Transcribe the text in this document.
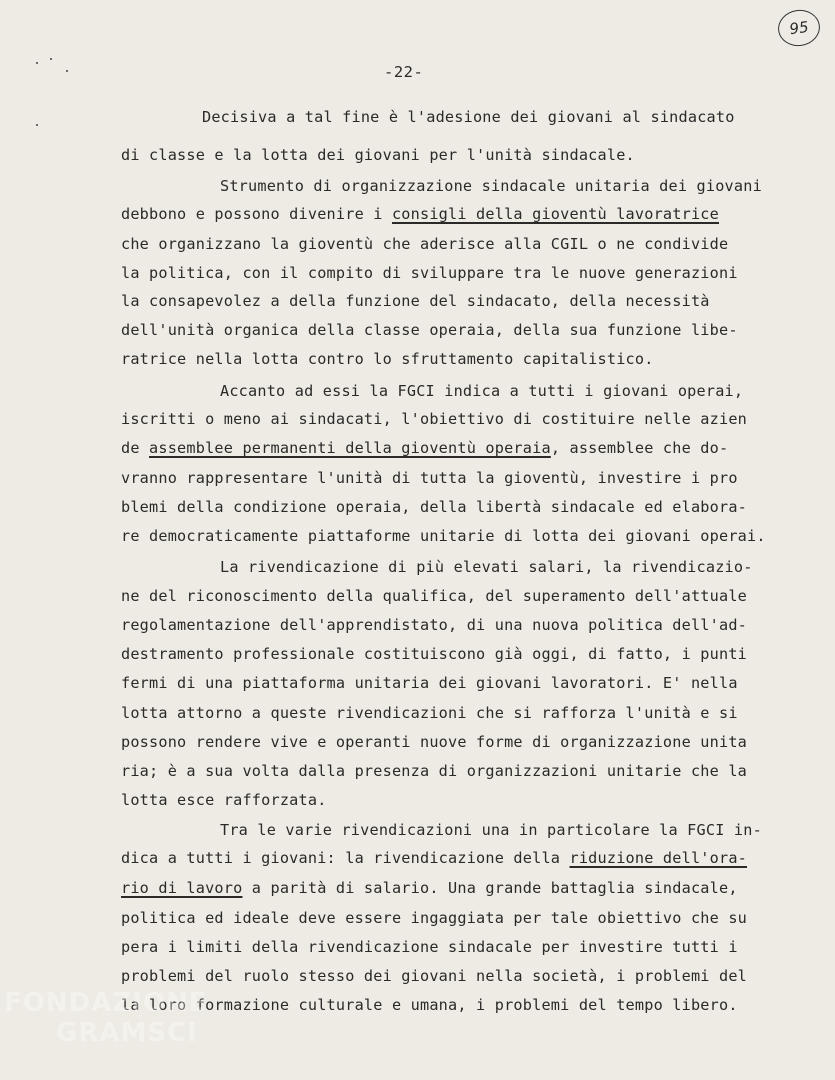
95
-22-
Decisiva a tal fine è l'adesione dei giovani al sindacato
di classe e la lotta dei giovani per l'unità sindacale.
Strumento di organizzazione sindacale unitaria dei giovani
debbono e possono divenire i consigli della gioventù lavoratrice
che organizzano la gioventù che aderisce alla CGIL o ne condivide
la politica, con il compito di sviluppare tra le nuove generazioni
la consapevolez a della funzione del sindacato, della necessità
dell'unità organica della classe operaia, della sua funzione libe-
ratrice nella lotta contro lo sfruttamento capitalistico.
Accanto ad essi la FGCI indica a tutti i giovani operai,
iscritti o meno ai sindacati, l'obiettivo di costituire nelle azien
de assemblee permanenti della gioventù operaia, assemblee che do-
vranno rappresentare l'unità di tutta la gioventù, investire i pro
blemi della condizione operaia, della libertà sindacale ed elabora-
re democraticamente piattaforme unitarie di lotta dei giovani operai.
La rivendicazione di più elevati salari, la rivendicazio-
ne del riconoscimento della qualifica, del superamento dell'attuale
regolamentazione dell'apprendistato, di una nuova politica dell'ad-
destramento professionale costituiscono già oggi, di fatto, i punti
fermi di una piattaforma unitaria dei giovani lavoratori. E' nella
lotta attorno a queste rivendicazioni che si rafforza l'unità e si
possono rendere vive e operanti nuove forme di organizzazione unita
ria; è a sua volta dalla presenza di organizzazioni unitarie che la
lotta esce rafforzata.
Tra le varie rivendicazioni una in particolare la FGCI in-
dica a tutti i giovani: la rivendicazione della riduzione dell'ora-
rio di lavoro a parità di salario. Una grande battaglia sindacale,
politica ed ideale deve essere ingaggiata per tale obiettivo che su
pera i limiti della rivendicazione sindacale per investire tutti i
problemi del ruolo stesso dei giovani nella società, i problemi del
la loro formazione culturale e umana, i problemi del tempo libero.
FONDAZIONE
GRAMSCI
